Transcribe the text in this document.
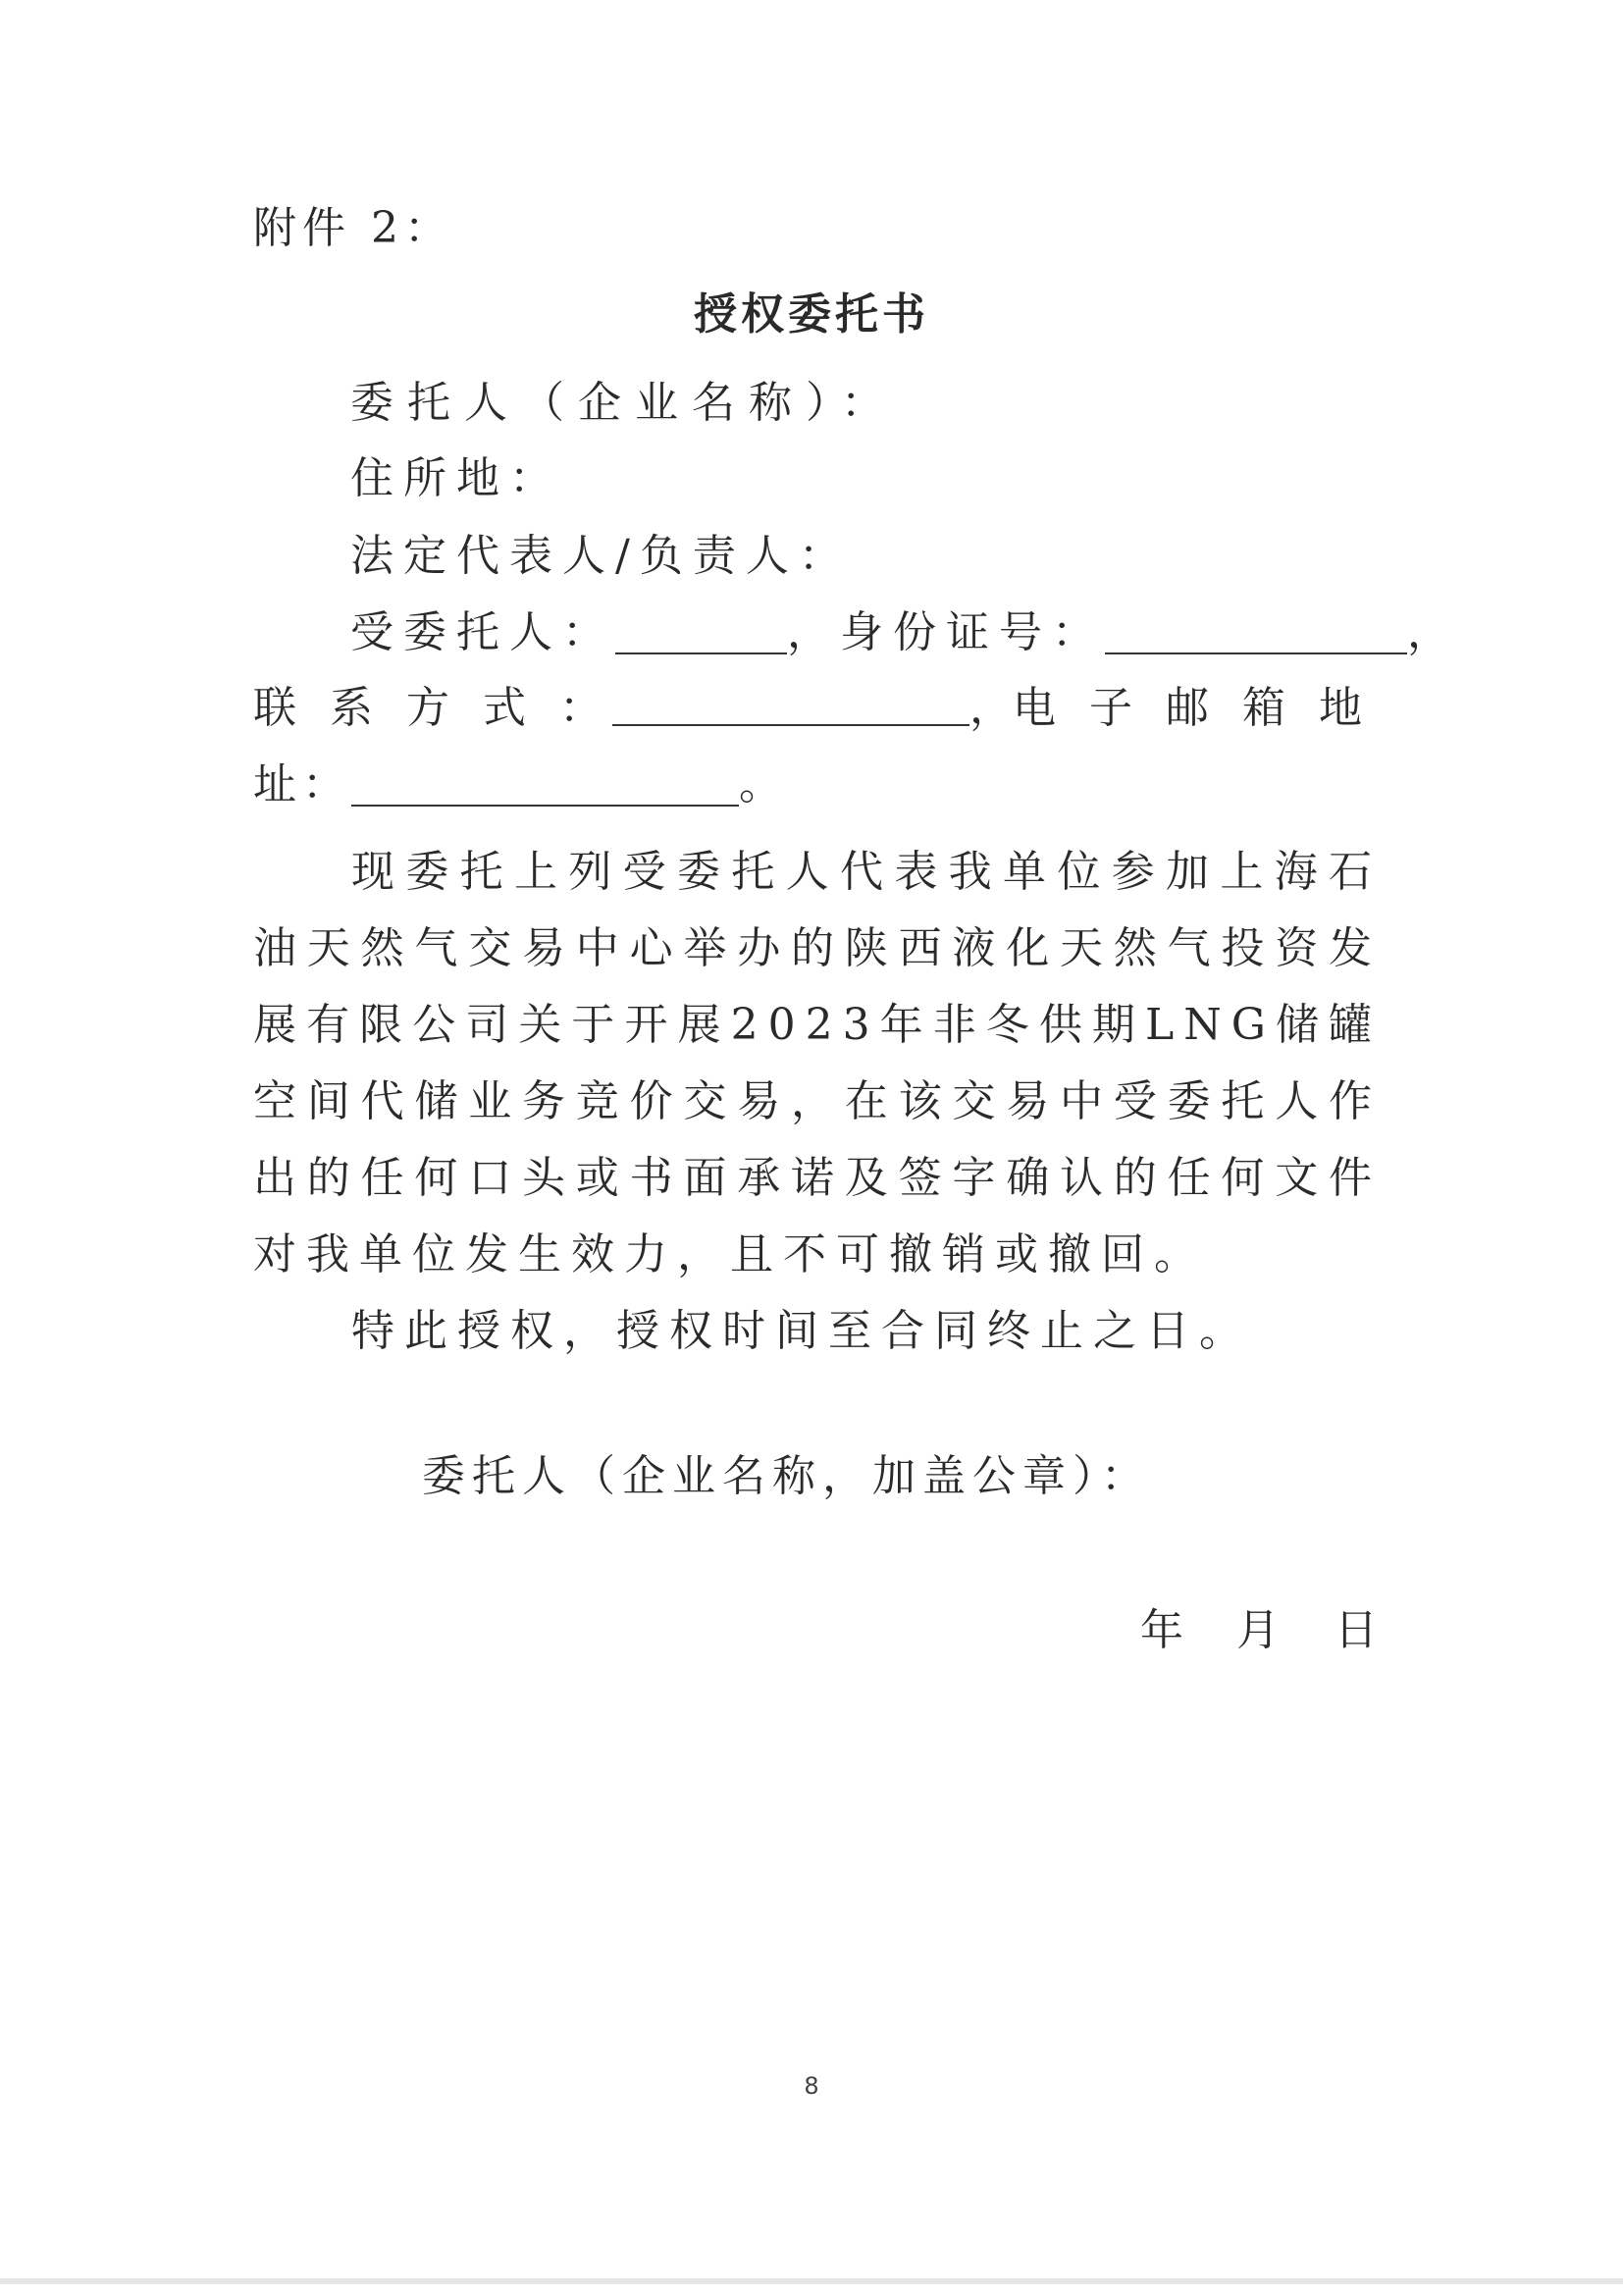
附件 2：
授权委托书
委托人（企业名称）：
住所地：
法定代表人/负责人：
受委托人：	，身份证号：	，
联 系 方 式 ：	， 电 子 邮 箱 地
址：	。

现委托上列受委托人代表我单位参加上海石油天然气交易中心举办的陕西液化天然气投资发展有限公司关于开展2023年非冬供期LNG储罐空间代储业务竞价交易，在该交易中受委托人作出的任何口头或书面承诺及签字确认的任何文件对我单位发生效力，且不可撤销或撤回。

特此授权，授权时间至合同终止之日。

委托人（企业名称，加盖公章）：
年 月 日
8
